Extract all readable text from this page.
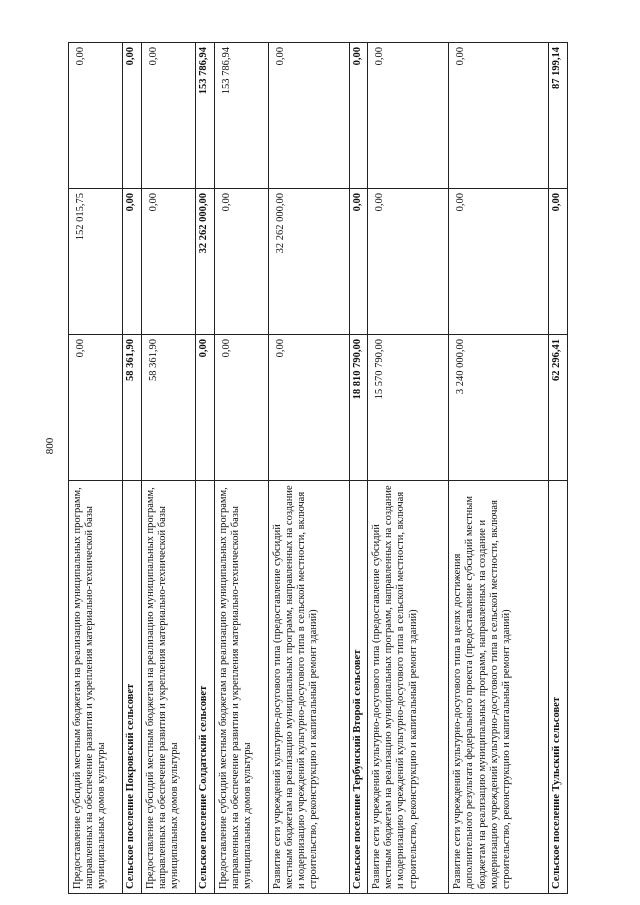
800
Предоставление субсидий местным бюджетам на реализацию муниципальных программ, направленных на обеспечение развития и укрепления материально-технической базы муниципальных домов культуры	0,00	152 015,75	0,00
Сельское поселение Покровский сельсовет	58 361,90	0,00	0,00
Предоставление субсидий местным бюджетам на реализацию муниципальных программ, направленных на обеспечение развития и укрепления материально-технической базы муниципальных домов культуры	58 361,90	0,00	0,00
Сельское поселение Солдатский сельсовет	0,00	32 262 000,00	153 786,94
Предоставление субсидий местным бюджетам на реализацию муниципальных программ, направленных на обеспечение развития и укрепления материально-технической базы муниципальных домов культуры	0,00	0,00	153 786,94
Развитие сети учреждений культурно-досугового типа (предоставление субсидий местным бюджетам на реализацию муниципальных программ, направленных на создание и модернизацию учреждений культурно-досугового типа в сельской местности, включая строительство, реконструкцию и капитальный ремонт зданий)	0,00	32 262 000,00	0,00
Сельское поселение Тербунский Второй сельсовет	18 810 790,00	0,00	0,00
Развитие сети учреждений культурно-досугового типа (предоставление субсидий местным бюджетам на реализацию муниципальных программ, направленных на создание и модернизацию учреждений культурно-досугового типа в сельской местности, включая строительство, реконструкцию и капитальный ремонт зданий)	15 570 790,00	0,00	0,00
Развитие сети учреждений культурно-досугового типа в целях достижения дополнительного результата федерального проекта (предоставление субсидий местным бюджетам на реализацию муниципальных программ, направленных на создание и модернизацию учреждений культурно-досугового типа в сельской местности, включая строительство, реконструкцию и капитальный ремонт зданий)	3 240 000,00	0,00	0,00
Сельское поселение Тульский сельсовет	62 296,41	0,00	87 199,14
